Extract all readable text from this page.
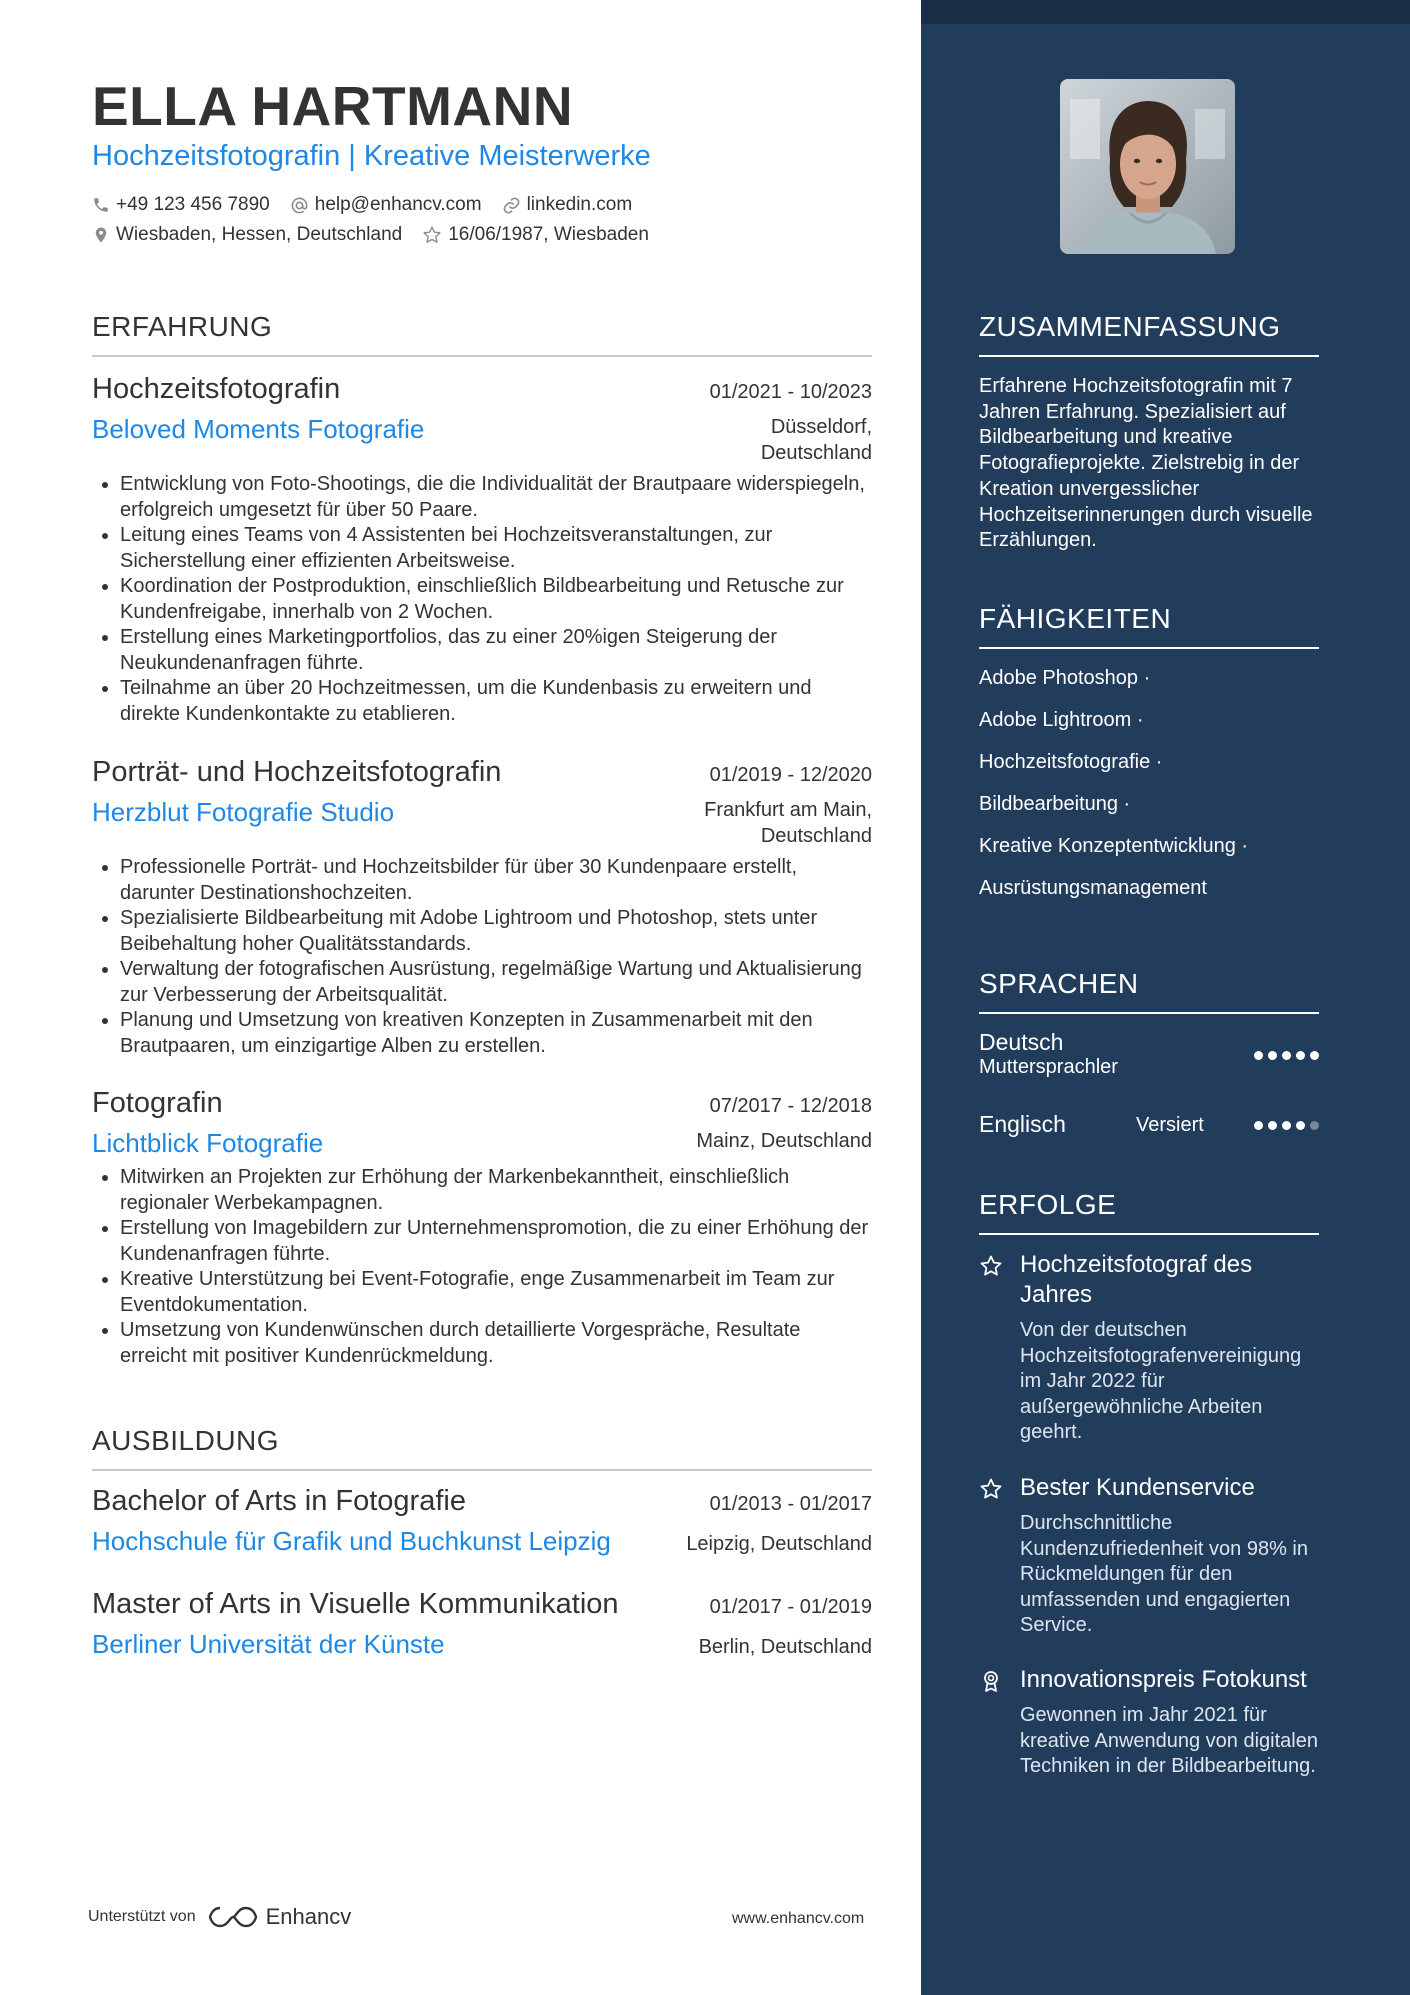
ELLA HARTMANN
Hochzeitsfotografin | Kreative Meisterwerke
+49 123 456 7890 help@enhancv.com linkedin.com
Wiesbaden, Hessen, Deutschland 16/06/1987, Wiesbaden
ERFAHRUNG
Hochzeitsfotografin	01/2021 - 10/2023
Beloved Moments Fotografie	Düsseldorf,
Deutschland
• Entwicklung von Foto-Shootings, die die Individualität der Brautpaare widerspiegeln, erfolgreich umgesetzt für über 50 Paare.
• Leitung eines Teams von 4 Assistenten bei Hochzeitsveranstaltungen, zur Sicherstellung einer effizienten Arbeitsweise.
• Koordination der Postproduktion, einschließlich Bildbearbeitung und Retusche zur Kundenfreigabe, innerhalb von 2 Wochen.
• Erstellung eines Marketingportfolios, das zu einer 20%igen Steigerung der Neukundenanfragen führte.
• Teilnahme an über 20 Hochzeitmessen, um die Kundenbasis zu erweitern und direkte Kundenkontakte zu etablieren.
Porträt- und Hochzeitsfotografin	01/2019 - 12/2020
Herzblut Fotografie Studio	Frankfurt am Main,
Deutschland
• Professionelle Porträt- und Hochzeitsbilder für über 30 Kundenpaare erstellt, darunter Destinationshochzeiten.
• Spezialisierte Bildbearbeitung mit Adobe Lightroom und Photoshop, stets unter Beibehaltung hoher Qualitätsstandards.
• Verwaltung der fotografischen Ausrüstung, regelmäßige Wartung und Aktualisierung zur Verbesserung der Arbeitsqualität.
• Planung und Umsetzung von kreativen Konzepten in Zusammenarbeit mit den Brautpaaren, um einzigartige Alben zu erstellen.
Fotografin	07/2017 - 12/2018
Lichtblick Fotografie	Mainz, Deutschland
• Mitwirken an Projekten zur Erhöhung der Markenbekanntheit, einschließlich regionaler Werbekampagnen.
• Erstellung von Imagebildern zur Unternehmenspromotion, die zu einer Erhöhung der Kundenanfragen führte.
• Kreative Unterstützung bei Event-Fotografie, enge Zusammenarbeit im Team zur Eventdokumentation.
• Umsetzung von Kundenwünschen durch detaillierte Vorgespräche, Resultate erreicht mit positiver Kundenrückmeldung.
AUSBILDUNG
Bachelor of Arts in Fotografie	01/2013 - 01/2017
Hochschule für Grafik und Buchkunst Leipzig	Leipzig, Deutschland
Master of Arts in Visuelle Kommunikation	01/2017 - 01/2019
Berliner Universität der Künste	Berlin, Deutschland
Unterstützt von	Enhancv	www.enhancv.com
ZUSAMMENFASSUNG
Erfahrene Hochzeitsfotografin mit 7 Jahren Erfahrung. Spezialisiert auf Bildbearbeitung und kreative Fotografieprojekte. Zielstrebig in der Kreation unvergesslicher Hochzeitserinnerungen durch visuelle Erzählungen.
FÄHIGKEITEN
Adobe Photoshop ·
Adobe Lightroom ·
Hochzeitsfotografie ·
Bildbearbeitung ·
Kreative Konzeptentwicklung ·
Ausrüstungsmanagement
SPRACHEN
Deutsch
Muttersprachler
Englisch	Versiert
ERFOLGE
Hochzeitsfotograf des Jahres
Von der deutschen Hochzeitsfotografenvereinigung im Jahr 2022 für außergewöhnliche Arbeiten geehrt.
Bester Kundenservice
Durchschnittliche Kundenzufriedenheit von 98% in Rückmeldungen für den umfassenden und engagierten Service.
Innovationspreis Fotokunst
Gewonnen im Jahr 2021 für kreative Anwendung von digitalen Techniken in der Bildbearbeitung.
